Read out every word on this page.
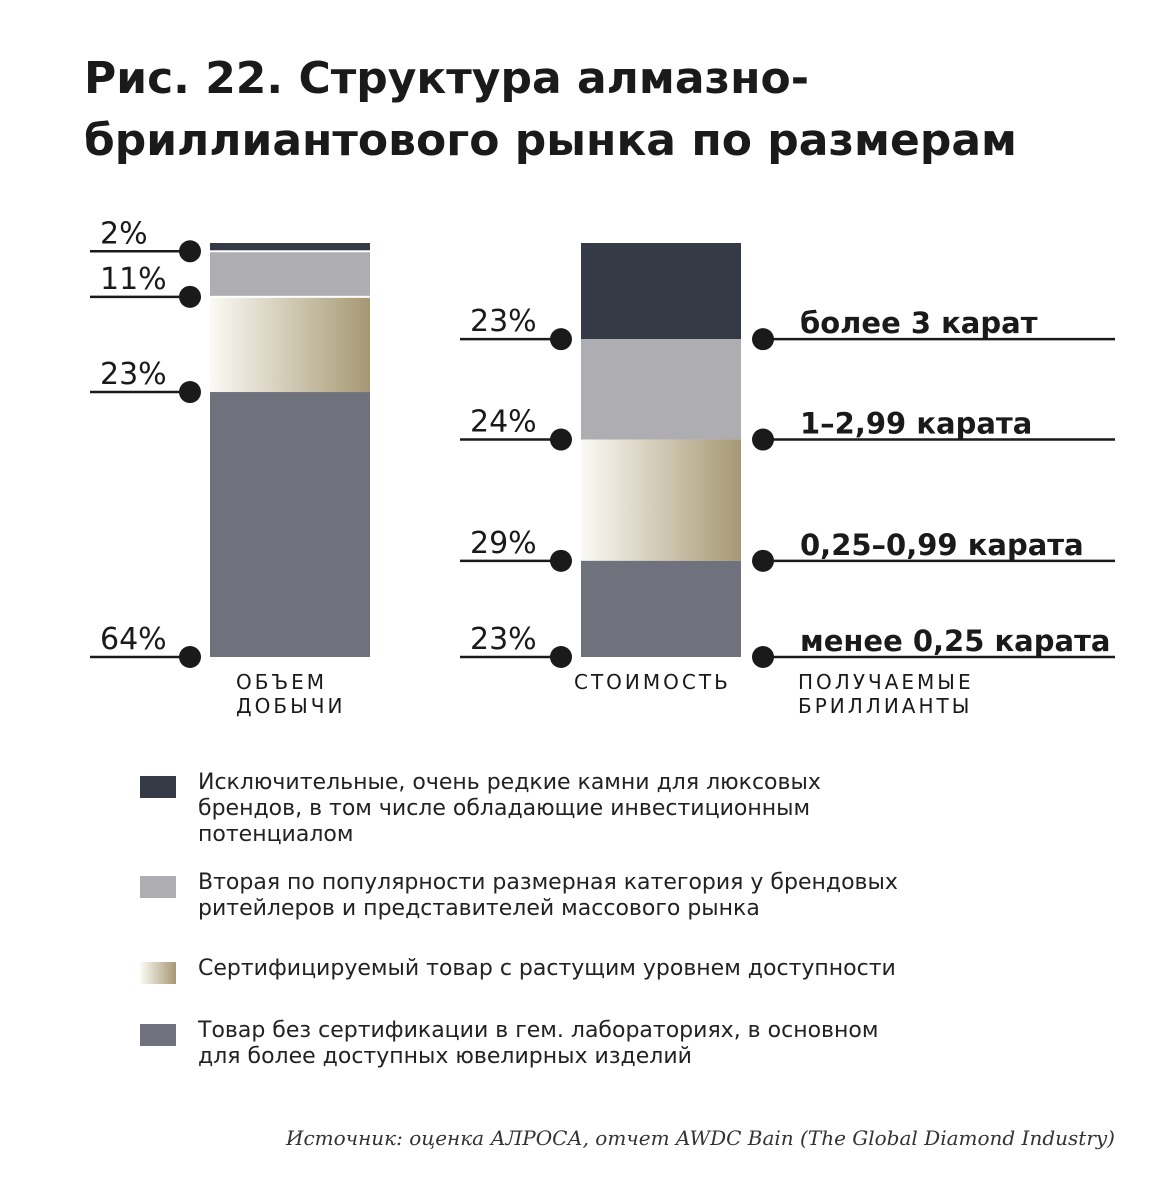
Рис. 22. Структура алмазно-
бриллиантового рынка по размерам
2%
11%
23%
64%
ОБЪЕМ
ДОБЫЧИ
23%	более 3 карат
24%	1–2,99 карата
29%	0,25–0,99 карата
23%	менее 0,25 карата
СТОИМОСТЬ	ПОЛУЧАЕМЫЕ
БРИЛЛИАНТЫ
Исключительные, очень редкие камни для люксовых
брендов, в том числе обладающие инвестиционным
потенциалом
Вторая по популярности размерная категория у брендовых
ритейлеров и представителей массового рынка
Сертифицируемый товар с растущим уровнем доступности
Товар без сертификации в гем. лабораториях, в основном
для более доступных ювелирных изделий
Источник: оценка АЛРОСА, отчет AWDC Bain (The Global Diamond Industry)
